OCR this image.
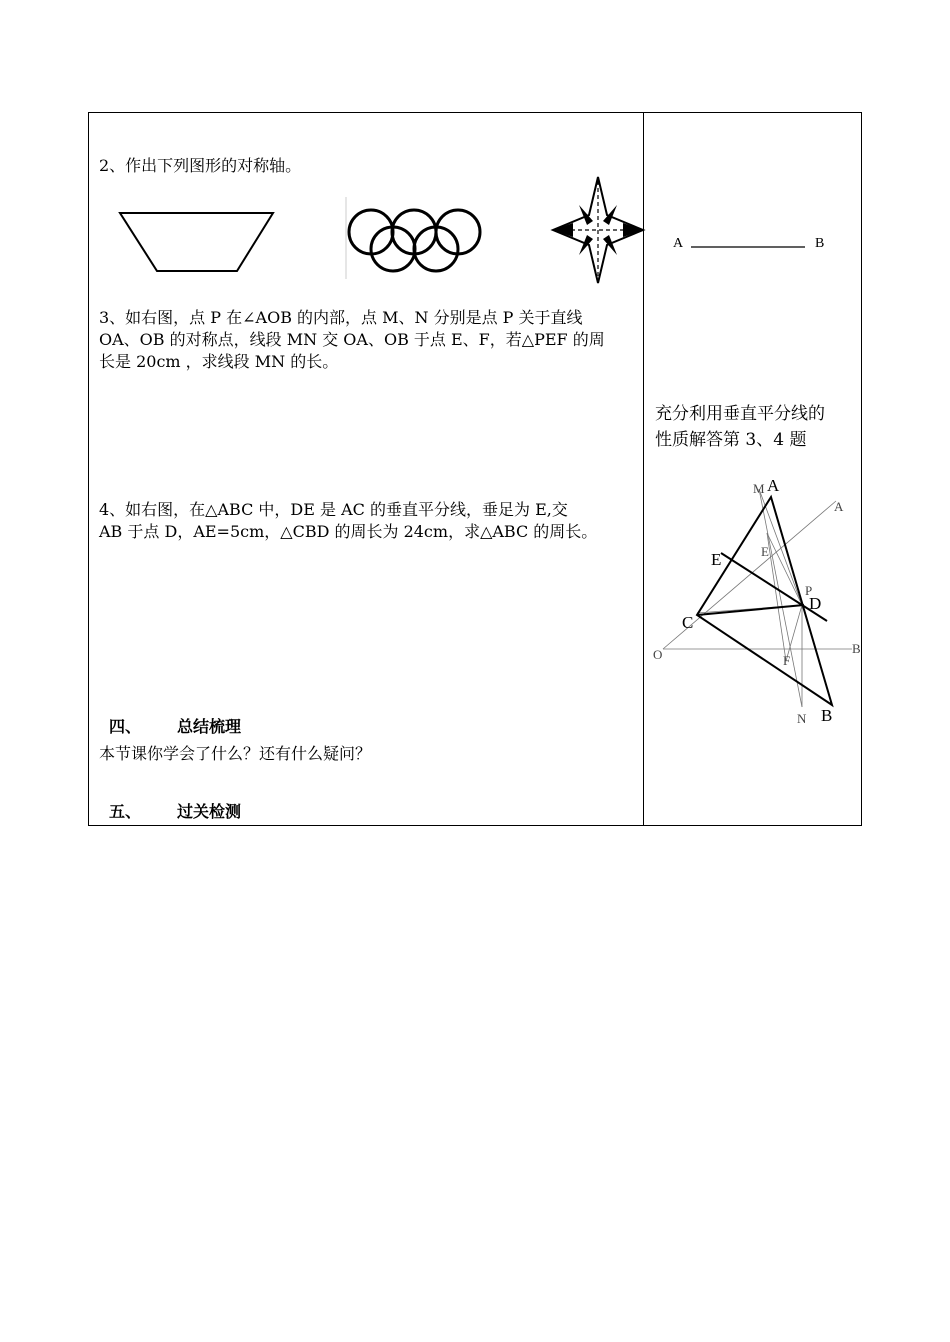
2、作出下列图形的对称轴。
3、如右图，点 P 在∠AOB 的内部，点 M、N 分别是点 P 关于直线
OA、OB 的对称点，线段 MN 交 OA、OB 于点 E、F，若△PEF 的周
长是 20cm ，求线段 MN 的长。
4、如右图，在△ABC 中，DE 是 AC 的垂直平分线，垂足为 E,交
AB 于点 D，AE=5cm，△CBD 的周长为 24cm，求△ABC 的周长。
四、 总结梳理
本节课你学会了什么？还有什么疑问？
五、 过关检测
A	B
充分利用垂直平分线的
性质解答第 3、4 题
M
A
E
P
O	B
F
N
A
E
D
C
B
